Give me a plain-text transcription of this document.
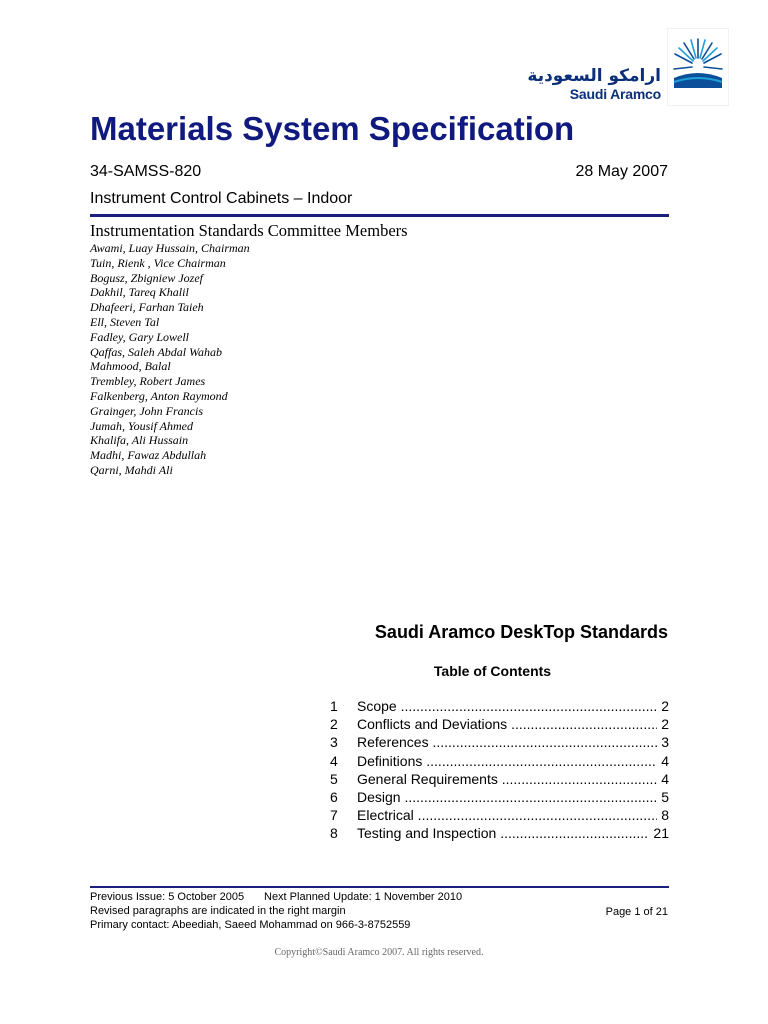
ارامكو السعودية
Saudi Aramco
Materials System Specification
34-SAMSS-820	28 May 2007
Instrument Control Cabinets – Indoor
Instrumentation Standards Committee Members
Awami, Luay Hussain, Chairman
Tuin, Rienk , Vice Chairman
Bogusz, Zbigniew Jozef
Dakhil, Tareq Khalil
Dhafeeri, Farhan Taieh
Ell, Steven Tal
Fadley, Gary Lowell
Qaffas, Saleh Abdal Wahab
Mahmood, Balal
Trembley, Robert James
Falkenberg, Anton Raymond
Grainger, John Francis
Jumah, Yousif Ahmed
Khalifa, Ali Hussain
Madhi, Fawaz Abdullah
Qarni, Mahdi Ali
Saudi Aramco DeskTop Standards
Table of Contents
1	Scope .....	2
2	Conflicts and Deviations .....	2
3	References .....	3
4	Definitions .....	4
5	General Requirements .....	4
6	Design .....	5
7	Electrical .....	8
8	Testing and Inspection .....	21
Previous Issue: 5 October 2005 Next Planned Update: 1 November 2010
Revised paragraphs are indicated in the right margin
Primary contact: Abeediah, Saeed Mohammad on 966-3-8752559
Page 1 of 21
Copyright©Saudi Aramco 2007. All rights reserved.
